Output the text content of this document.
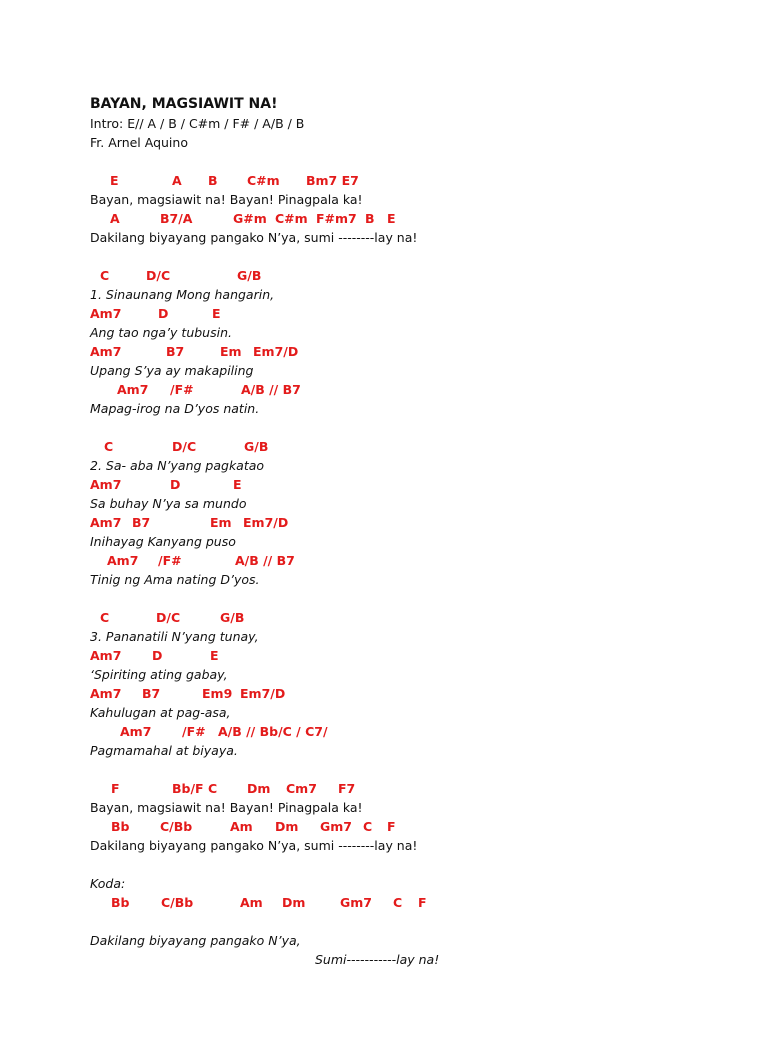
BAYAN, MAGSIAWIT NA!
Intro: E// A / B / C#m / F# / A/B / B
Fr. Arnel Aquino

E

	A

B

C#m

Bm7 E7

Bayan, magsiawit na! Bayan! Pinagpala ka!

A

	B7/A

	G#m

C#m

F#m7

B

E

Dakilang biyayang pangako N’ya, sumi --------lay na!

C

	D/C

	G/B

1. Sinaunang Mong hangarin,

Am7

	D

	E

Ang tao nga’y tubusin.

Am7

	B7

	Em

Em7/D

Upang S’ya ay makapiling

Am7

/F#

	A/B // B7

Mapag-irog na D’yos natin.

C

	D/C

	G/B

2. Sa- aba N’yang pagkatao

Am7

	D

	E

Sa buhay N’ya sa mundo

Am7

B7

	Em

Em7/D

Inihayag Kanyang puso

Am7

/F#

	A/B // B7

Tinig ng Ama nating D’yos.

C

	D/C

	G/B

3. Pananatili N’yang tunay,

Am7

D

	E

‘Spiriting ating gabay,

Am7

B7

	Em9

Em7/D

Kahulugan at pag-asa,

Am7

/F#

A/B // Bb/C / C7/

Pagmamahal at biyaya.

F

	Bb/F

C

Dm

Cm7

F7

Bayan, magsiawit na! Bayan! Pinagpala ka!

Bb

C/Bb

	Am

Dm

Gm7

C

F

Dakilang biyayang pangako N’ya, sumi --------lay na!
Koda:

Bb

	C/Bb

	Am

Dm

	Gm7

C

F

Dakilang biyayang pangako N’ya,

Sumi-----------lay na!
